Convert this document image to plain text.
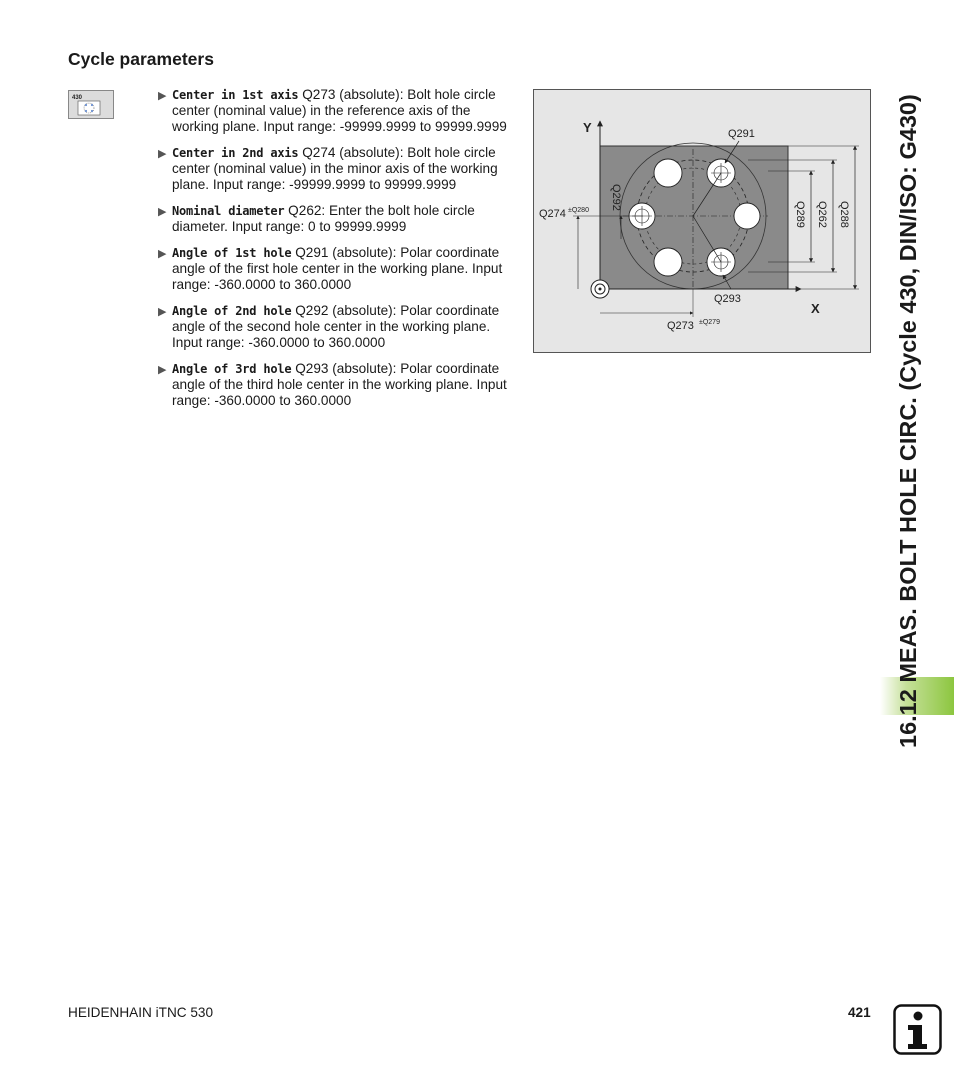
Cycle parameters
430	▶ Center in 1st axis Q273 (absolute): Bolt hole circle center (nominal value) in the reference axis of the working plane. Input range: -99999.9999 to 99999.9999
▶ Center in 2nd axis Q274 (absolute): Bolt hole circle center (nominal value) in the minor axis of the working plane. Input range: -99999.9999 to 99999.9999
▶ Nominal diameter Q262: Enter the bolt hole circle diameter. Input range: 0 to 99999.9999
▶ Angle of 1st hole Q291 (absolute): Polar coordinate angle of the first hole center in the working plane. Input range: -360.0000 to 360.0000
▶ Angle of 2nd hole Q292 (absolute): Polar coordinate angle of the second hole center in the working plane. Input range: -360.0000 to 360.0000
▶ Angle of 3rd hole Q293 (absolute): Polar coordinate angle of the third hole center in the working plane. Input range: -360.0000 to 360.0000
Y
X
Q291
Q293
Q274 ±Q280
Q273 ±Q279
Q292
Q289 Q262 Q288 16.12 MEAS. BOLT HOLE CIRC. (Cycle 430, DIN/ISO: G430)
HEIDENHAIN iTNC 530	421
